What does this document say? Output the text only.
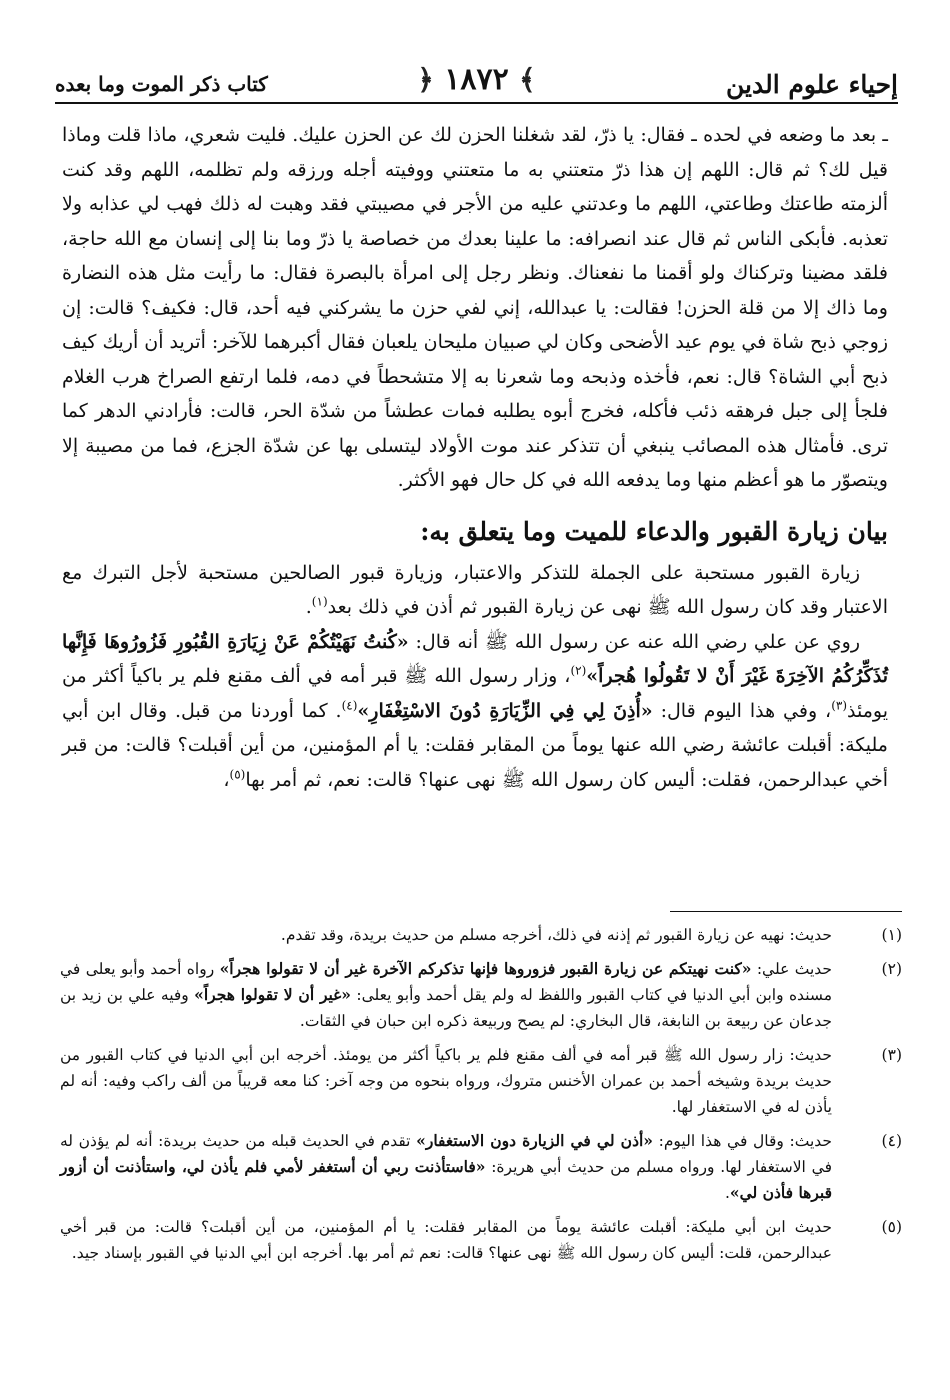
إحياء علوم الدين
﴾ ١٨٧٢ ﴿
كتاب ذكر الموت وما بعده

ـ بعد ما وضعه في لحده ـ فقال: يا ذرّ، لقد شغلنا الحزن لك عن الحزن عليك. فليت شعري، ماذا قلت وماذا قيل لك؟ ثم قال: اللهم إن هذا ذرّ متعتني به ما متعتني ووفيته أجله ورزقه ولم تظلمه، اللهم وقد كنت ألزمته طاعتك وطاعتي، اللهم ما وعدتني عليه من الأجر في مصيبتي فقد وهبت له ذلك فهب لي عذابه ولا تعذبه. فأبكى الناس ثم قال عند انصرافه: ما علينا بعدك من خصاصة يا ذرّ وما بنا إلى إنسان مع الله حاجة، فلقد مضينا وتركناك ولو أقمنا ما نفعناك. ونظر رجل إلى امرأة بالبصرة فقال: ما رأيت مثل هذه النضارة وما ذاك إلا من قلة الحزن! فقالت: يا عبدالله، إني لفي حزن ما يشركني فيه أحد، قال: فكيف؟ قالت: إن زوجي ذبح شاة في يوم عيد الأضحى وكان لي صبيان مليحان يلعبان فقال أكبرهما للآخر: أتريد أن أريك كيف ذبح أبي الشاة؟ قال: نعم، فأخذه وذبحه وما شعرنا به إلا متشحطاً في دمه، فلما ارتفع الصراخ هرب الغلام فلجأ إلى جبل فرهقه ذئب فأكله، فخرج أبوه يطلبه فمات عطشاً من شدّة الحر، قالت: فأرادني الدهر كما ترى. فأمثال هذه المصائب ينبغي أن تتذكر عند موت الأولاد ليتسلى بها عن شدّة الجزع، فما من مصيبة إلا ويتصوّر ما هو أعظم منها وما يدفعه الله في كل حال فهو الأكثر.

بيان زيارة القبور والدعاء للميت وما يتعلق به:

زيارة القبور مستحبة على الجملة للتذكر والاعتبار، وزيارة قبور الصالحين مستحبة لأجل التبرك مع الاعتبار وقد كان رسول الله ﷺ نهى عن زيارة القبور ثم أذن في ذلك بعد$^{(١)}$.

روي عن علي رضي الله عنه عن رسول الله ﷺ أنه قال: «كُنتُ نَهَيْتُكُمْ عَنْ زِيَارَةِ القُبُورِ فَزُورُوهَا فَإِنَّها تُذَكِّرُكُمُ الآخِرَةَ غَيْرَ أَنْ لا تَقُولُوا هُجراً»$^{(٢)}$، وزار رسول الله ﷺ قبر أمه في ألف مقنع فلم ير باكياً أكثر من يومئذ$^{(٣)}$، وفي هذا اليوم قال: «أُذِنَ لِي فِي الزِّيَارَةِ دُونَ الاسْتِغْفَارِ»$^{(٤)}$. كما أوردنا من قبل. وقال ابن أبي مليكة: أقبلت عائشة رضي الله عنها يوماً من المقابر فقلت: يا أم المؤمنين، من أين أقبلت؟ قالت: من قبر أخي عبدالرحمن، فقلت: أليس كان رسول الله ﷺ نهى عنها؟ قالت: نعم، ثم أمر بها$^{(٥)}$،

(١)
حديث: نهيه عن زيارة القبور ثم إذنه في ذلك، أخرجه مسلم من حديث بريدة، وقد تقدم.
(٢)
حديث علي: «كنت نهيتكم عن زيارة القبور فزوروها فإنها تذكركم الآخرة غير أن لا تقولوا هجراً» رواه أحمد وأبو يعلى في مسنده وابن أبي الدنيا في كتاب القبور واللفظ له ولم يقل أحمد وأبو يعلى: «غير أن لا تقولوا هجراً» وفيه علي بن زيد بن جدعان عن ربيعة بن النابغة، قال البخاري: لم يصح وربيعة ذكره ابن حبان في الثقات.
(٣)
حديث: زار رسول الله ﷺ قبر أمه في ألف مقنع فلم ير باكياً أكثر من يومئذ. أخرجه ابن أبي الدنيا في كتاب القبور من حديث بريدة وشيخه أحمد بن عمران الأخنس متروك، ورواه بنحوه من وجه آخر: كنا معه قريباً من ألف راكب وفيه: أنه لم يأذن له في الاستغفار لها.
(٤)
حديث: وقال في هذا اليوم: «أذن لي في الزيارة دون الاستغفار» تقدم في الحديث قبله من حديث بريدة: أنه لم يؤذن له في الاستغفار لها. ورواه مسلم من حديث أبي هريرة: «فاستأذنت ربي أن أستغفر لأمي فلم يأذن لي، واستأذنت أن أزور قبرها فأذن لي».
(٥)
حديث ابن أبي مليكة: أقبلت عائشة يوماً من المقابر فقلت: يا أم المؤمنين، من أين أقبلت؟ قالت: من قبر أخي عبدالرحمن، قلت: أليس كان رسول الله ﷺ نهى عنها؟ قالت: نعم ثم أمر بها. أخرجه ابن أبي الدنيا في القبور بإسناد جيد.
